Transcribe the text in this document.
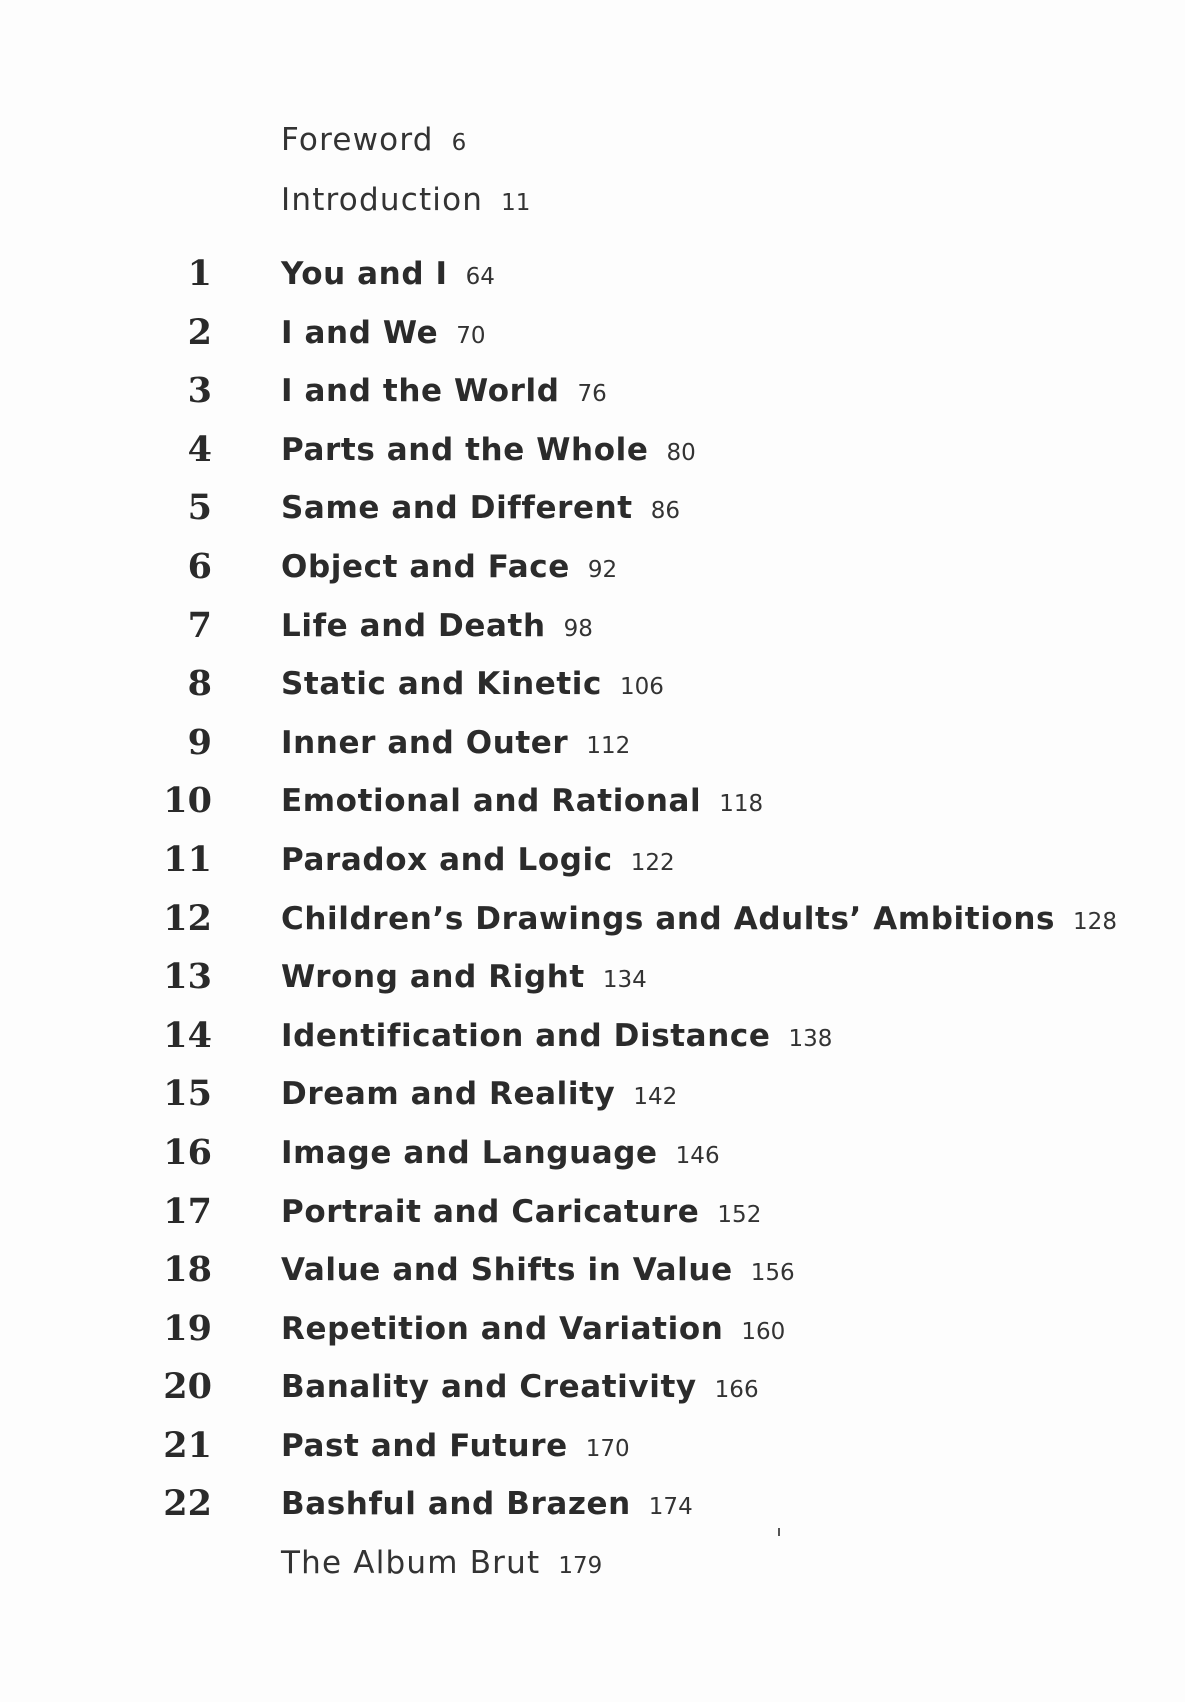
Foreword 6
Introduction 11
1 You and I 64
2 I and We 70
3 I and the World 76
4 Parts and the Whole 80
5 Same and Different 86
6 Object and Face 92
7 Life and Death 98
8 Static and Kinetic 106
9 Inner and Outer 112
10 Emotional and Rational 118
11 Paradox and Logic 122
12 Children’s Drawings and Adults’ Ambitions 128
13 Wrong and Right 134
14 Identification and Distance 138
15 Dream and Reality 142
16 Image and Language 146
17 Portrait and Caricature 152
18 Value and Shifts in Value 156
19 Repetition and Variation 160
20 Banality and Creativity 166
21 Past and Future 170
22 Bashful and Brazen 174
The Album Brut 179
